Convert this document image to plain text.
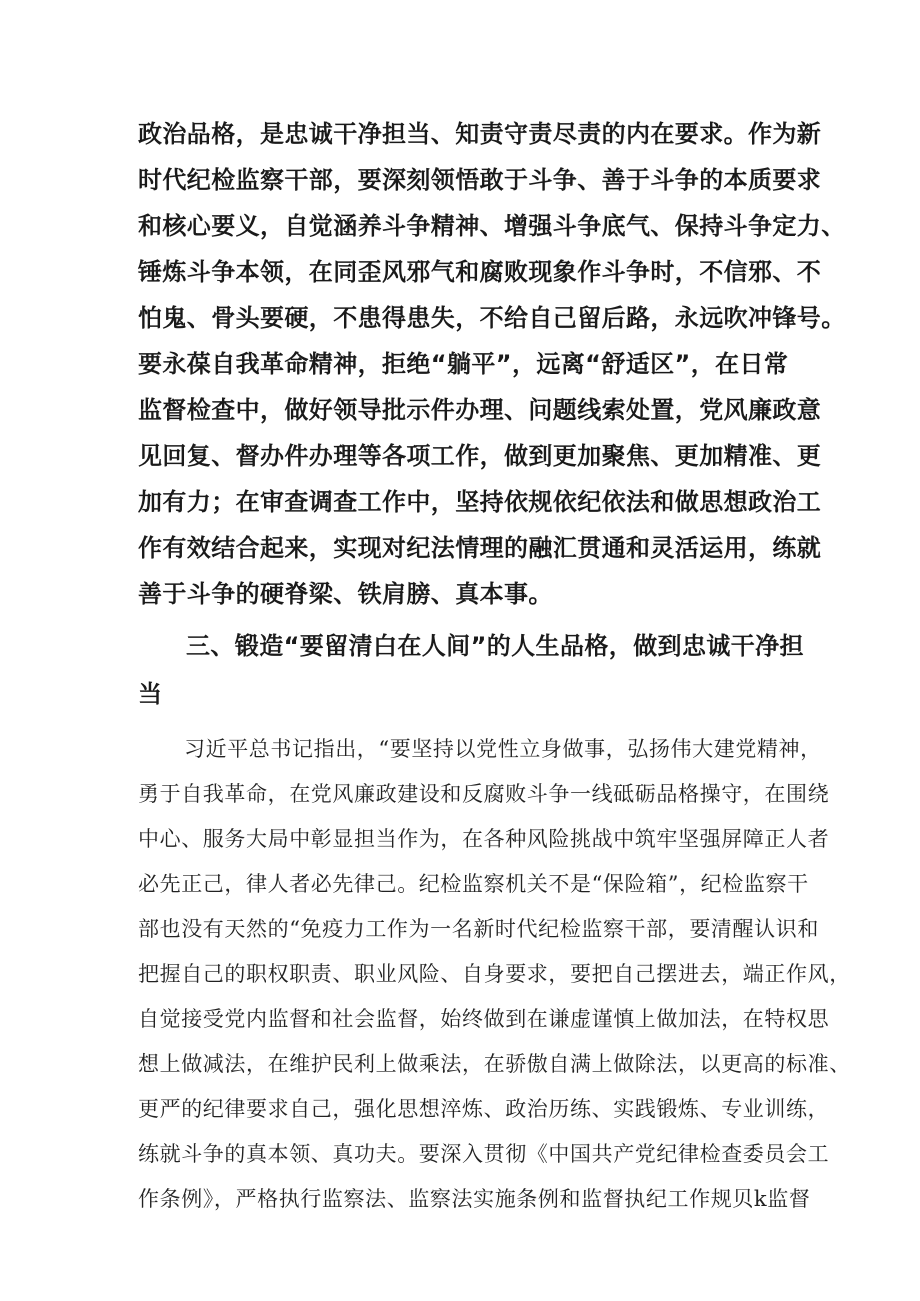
政治品格，是忠诚干净担当、知责守责尽责的内在要求。作为新
时代纪检监察干部，要深刻领悟敢于斗争、善于斗争的本质要求
和核心要义，自觉涵养斗争精神、增强斗争底气、保持斗争定力、
锤炼斗争本领，在同歪风邪气和腐败现象作斗争时，不信邪、不
怕鬼、骨头要硬，不患得患失，不给自己留后路，永远吹冲锋号。
要永葆自我革命精神，拒绝“躺平”，远离“舒适区”，在日常
监督检查中，做好领导批示件办理、问题线索处置，党风廉政意
见回复、督办件办理等各项工作，做到更加聚焦、更加精准、更
加有力；在审查调查工作中，坚持依规依纪依法和做思想政治工
作有效结合起来，实现对纪法情理的融汇贯通和灵活运用，练就
善于斗争的硬脊梁、铁肩膀、真本事。
三、锻造“要留清白在人间”的人生品格，做到忠诚干净担
当
习近平总书记指出，“要坚持以党性立身做事，弘扬伟大建党精神，
勇于自我革命，在党风廉政建设和反腐败斗争一线砥砺品格操守，在围绕
中心、服务大局中彰显担当作为，在各种风险挑战中筑牢坚强屏障正人者
必先正己，律人者必先律己。纪检监察机关不是“保险箱”，纪检监察干
部也没有天然的“免疫力工作为一名新时代纪检监察干部，要清醒认识和
把握自己的职权职责、职业风险、自身要求，要把自己摆进去，端正作风，
自觉接受党内监督和社会监督，始终做到在谦虚谨慎上做加法，在特权思
想上做减法，在维护民利上做乘法，在骄傲自满上做除法，以更高的标准、
更严的纪律要求自己，强化思想淬炼、政治历练、实践锻炼、专业训练，
练就斗争的真本领、真功夫。要深入贯彻《中国共产党纪律检查委员会工
作条例》，严格执行监察法、监察法实施条例和监督执纪工作规贝k监督
